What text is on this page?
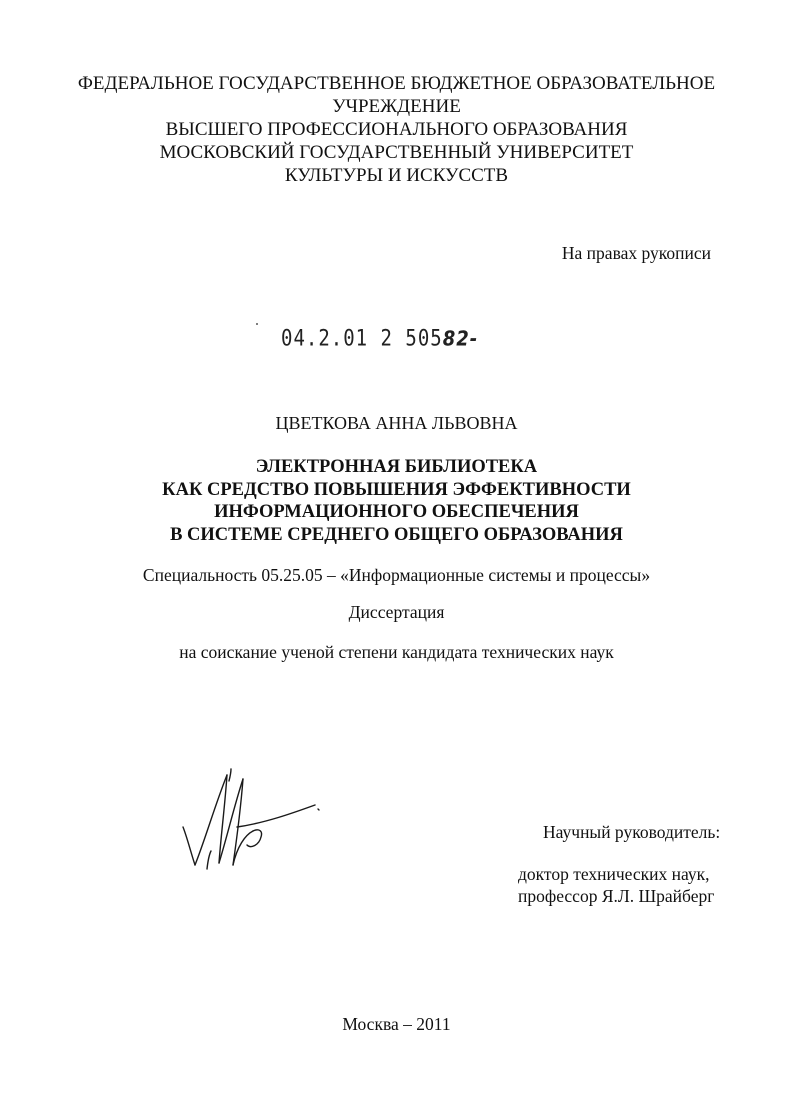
ФЕДЕРАЛЬНОЕ ГОСУДАРСТВЕННОЕ БЮДЖЕТНОЕ ОБРАЗОВАТЕЛЬНОЕ
УЧРЕЖДЕНИЕ
ВЫСШЕГО ПРОФЕССИОНАЛЬНОГО ОБРАЗОВАНИЯ
МОСКОВСКИЙ ГОСУДАРСТВЕННЫЙ УНИВЕРСИТЕТ
КУЛЬТУРЫ И ИСКУССТВ
На правах рукописи
04.2.01 2 50582-
ЦВЕТКОВА АННА ЛЬВОВНА
ЭЛЕКТРОННАЯ БИБЛИОТЕКА
КАК СРЕДСТВО ПОВЫШЕНИЯ ЭФФЕКТИВНОСТИ
ИНФОРМАЦИОННОГО ОБЕСПЕЧЕНИЯ
В СИСТЕМЕ СРЕДНЕГО ОБЩЕГО ОБРАЗОВАНИЯ
Специальность 05.25.05 – «Информационные системы и процессы»
Диссертация
на соискание ученой степени кандидата технических наук
Научный руководитель:
доктор технических наук,
профессор Я.Л. Шрайберг
Москва – 2011
